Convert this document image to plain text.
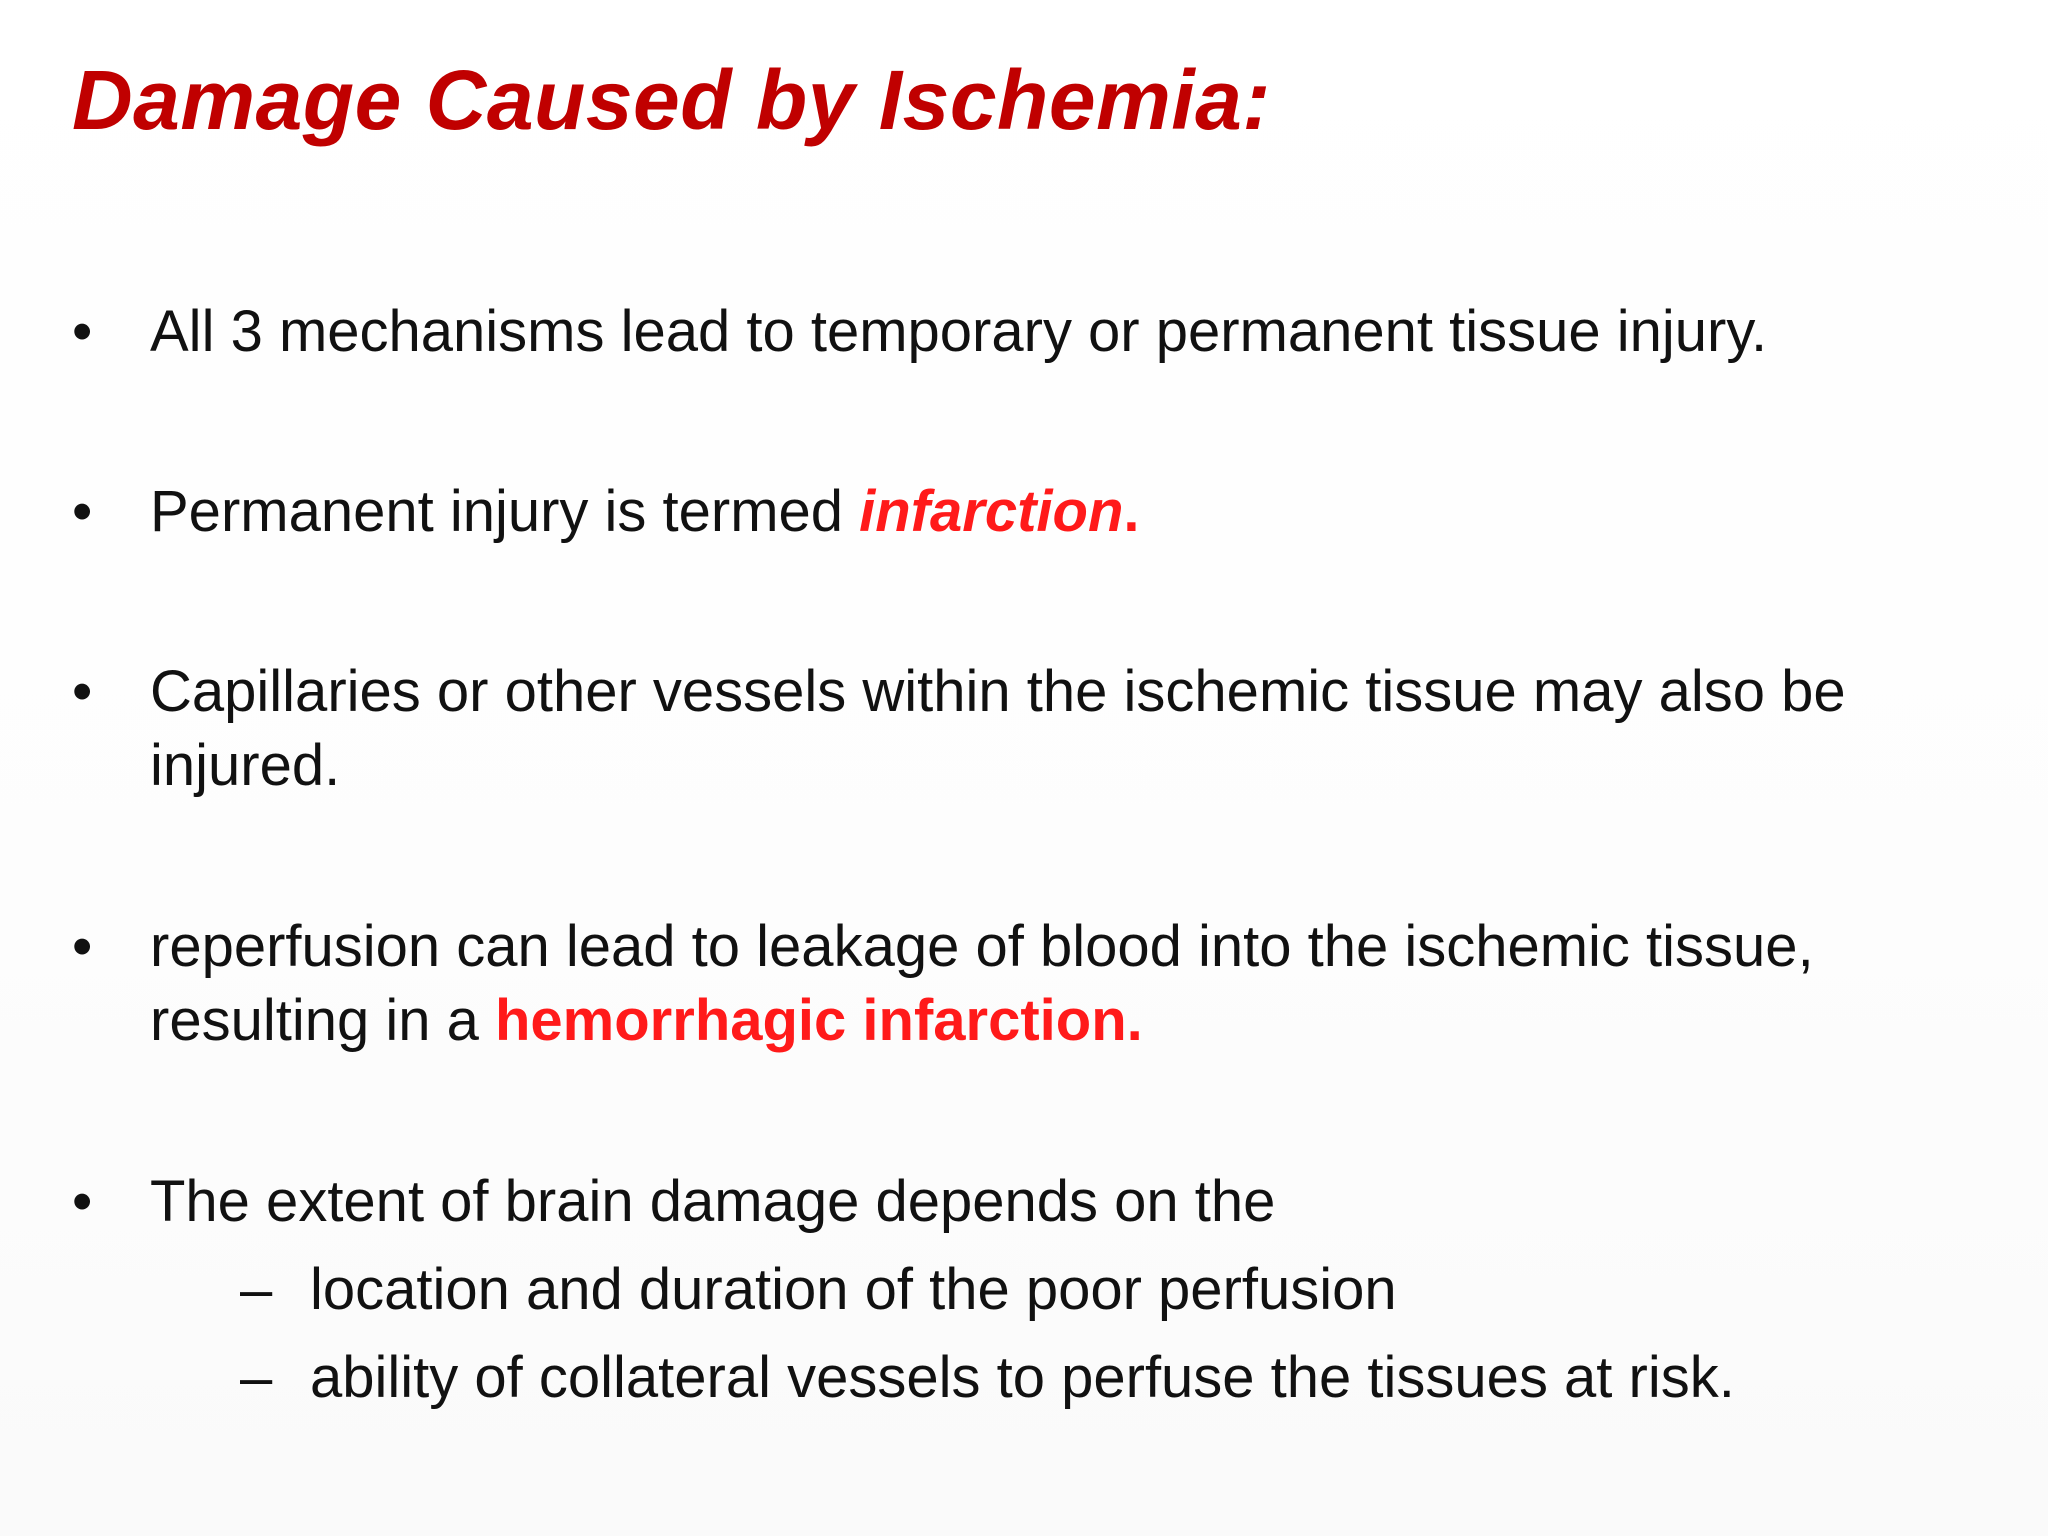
Damage Caused by Ischemia:
• All 3 mechanisms lead to temporary or permanent tissue injury.
• Permanent injury is termed infarction.
• Capillaries or other vessels within the ischemic tissue may also be injured.
• reperfusion can lead to leakage of blood into the ischemic tissue, resulting in a hemorrhagic infarction.
• The extent of brain damage depends on the
– location and duration of the poor perfusion
– ability of collateral vessels to perfuse the tissues at risk.
